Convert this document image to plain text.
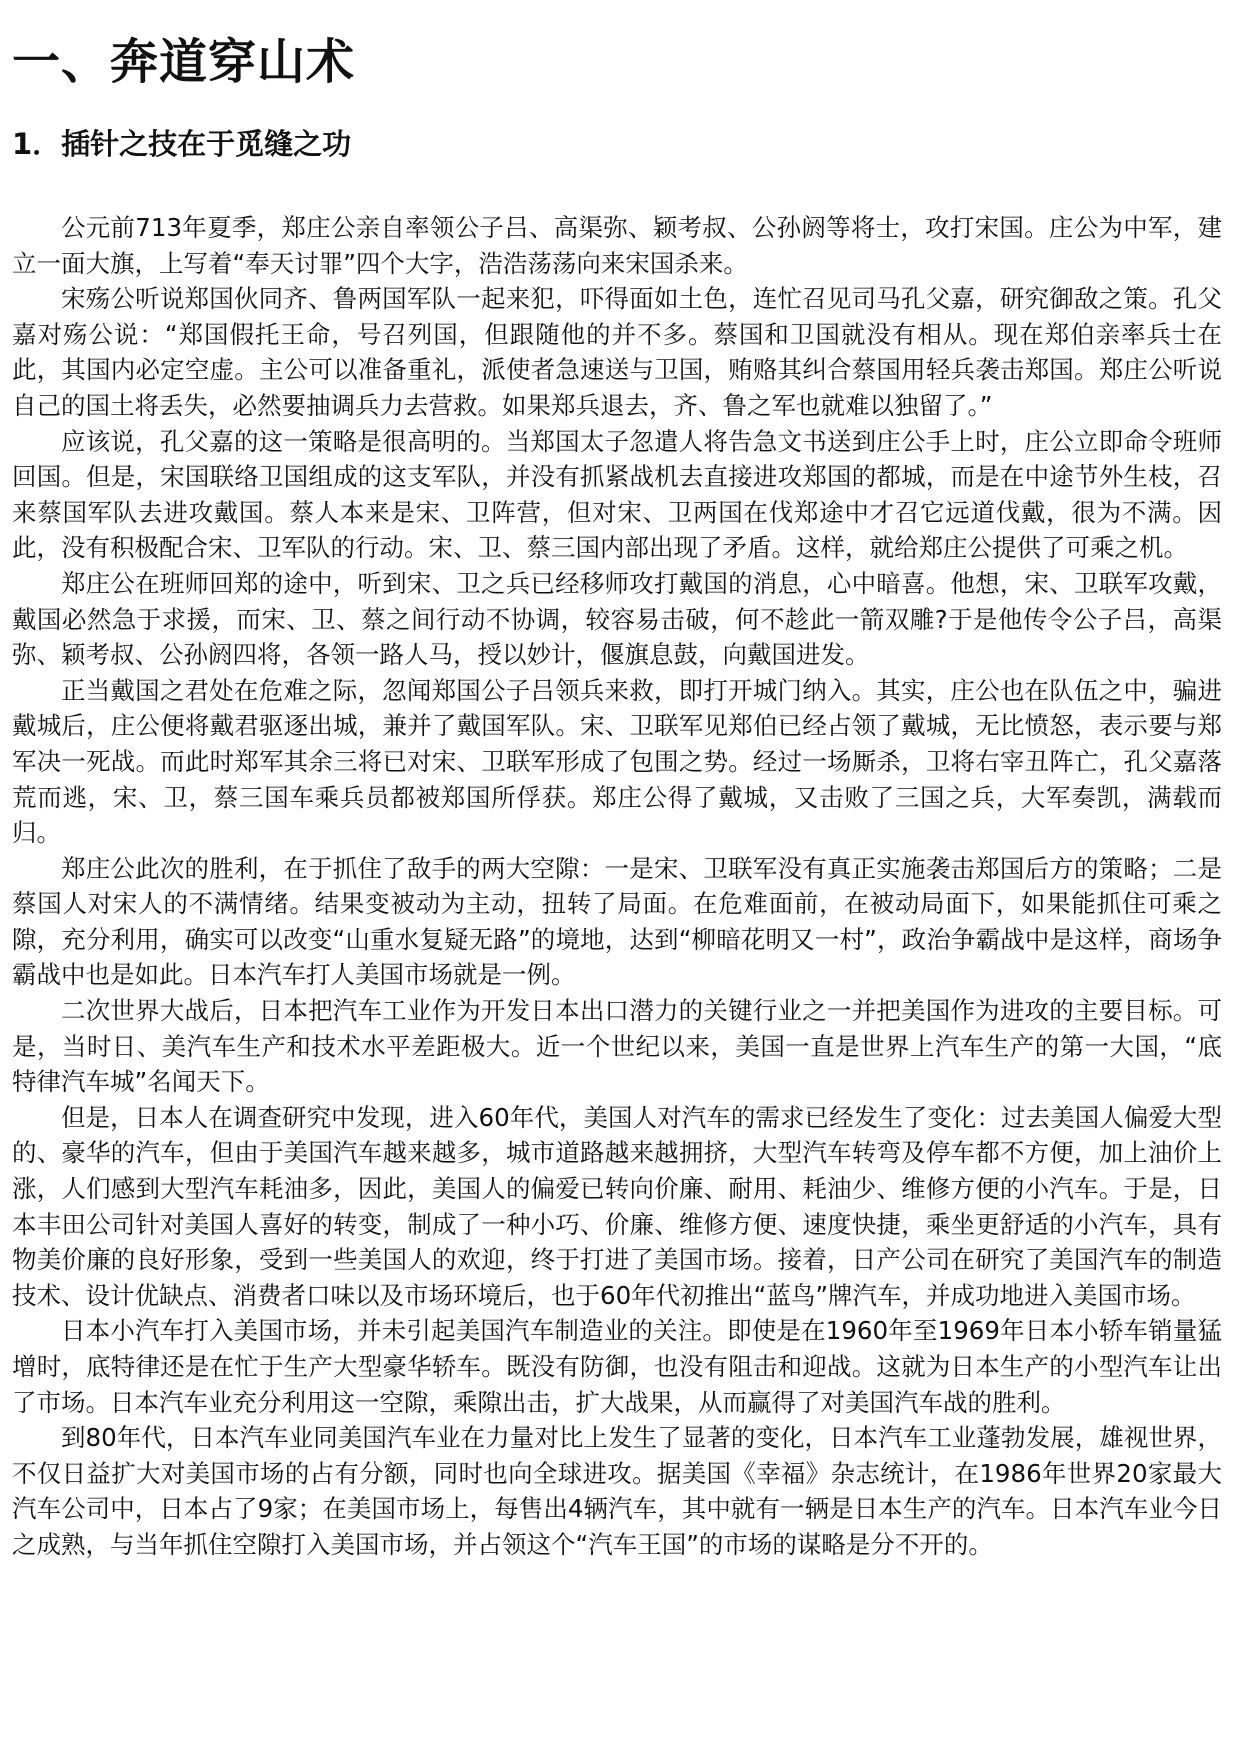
一、奔道穿山术
1．插针之技在于觅缝之功

公元前713年夏季，郑庄公亲自率领公子吕、高渠弥、颖考叔、公孙阏等将士，攻打宋国。庄公为中军，建立一面大旗，上写着“奉天讨罪”四个大字，浩浩荡荡向来宋国杀来。

宋殇公听说郑国伙同齐、鲁两国军队一起来犯，吓得面如土色，连忙召见司马孔父嘉，研究御敌之策。孔父嘉对殇公说：“郑国假托王命，号召列国，但跟随他的并不多。蔡国和卫国就没有相从。现在郑伯亲率兵士在此，其国内必定空虚。主公可以准备重礼，派使者急速送与卫国，贿赂其纠合蔡国用轻兵袭击郑国。郑庄公听说自己的国土将丢失，必然要抽调兵力去营救。如果郑兵退去，齐、鲁之军也就难以独留了。”

应该说，孔父嘉的这一策略是很高明的。当郑国太子忽遣人将告急文书送到庄公手上时，庄公立即命令班师回国。但是，宋国联络卫国组成的这支军队，并没有抓紧战机去直接进攻郑国的都城，而是在中途节外生枝，召来蔡国军队去进攻戴国。蔡人本来是宋、卫阵营，但对宋、卫两国在伐郑途中才召它远道伐戴，很为不满。因此，没有积极配合宋、卫军队的行动。宋、卫、蔡三国内部出现了矛盾。这样，就给郑庄公提供了可乘之机。

郑庄公在班师回郑的途中，听到宋、卫之兵已经移师攻打戴国的消息，心中暗喜。他想，宋、卫联军攻戴，戴国必然急于求援，而宋、卫、蔡之间行动不协调，较容易击破，何不趁此一箭双雕?于是他传令公子吕，高渠弥、颖考叔、公孙阏四将，各领一路人马，授以妙计，偃旗息鼓，向戴国进发。

正当戴国之君处在危难之际，忽闻郑国公子吕领兵来救，即打开城门纳入。其实，庄公也在队伍之中，骗进戴城后，庄公便将戴君驱逐出城，兼并了戴国军队。宋、卫联军见郑伯已经占领了戴城，无比愤怒，表示要与郑军决一死战。而此时郑军其余三将已对宋、卫联军形成了包围之势。经过一场厮杀，卫将右宰丑阵亡，孔父嘉落荒而逃，宋、卫，蔡三国车乘兵员都被郑国所俘获。郑庄公得了戴城，又击败了三国之兵，大军奏凯，满载而归。

郑庄公此次的胜利，在于抓住了敌手的两大空隙：一是宋、卫联军没有真正实施袭击郑国后方的策略；二是蔡国人对宋人的不满情绪。结果变被动为主动，扭转了局面。在危难面前，在被动局面下，如果能抓住可乘之隙，充分利用，确实可以改变“山重水复疑无路”的境地，达到“柳暗花明又一村”，政治争霸战中是这样，商场争霸战中也是如此。日本汽车打人美国市场就是一例。

二次世界大战后，日本把汽车工业作为开发日本出口潜力的关键行业之一并把美国作为进攻的主要目标。可是，当时日、美汽车生产和技术水平差距极大。近一个世纪以来，美国一直是世界上汽车生产的第一大国，“底特律汽车城”名闻天下。

但是，日本人在调查研究中发现，进入60年代，美国人对汽车的需求已经发生了变化：过去美国人偏爱大型的、豪华的汽车，但由于美国汽车越来越多，城市道路越来越拥挤，大型汽车转弯及停车都不方便，加上油价上涨，人们感到大型汽车耗油多，因此，美国人的偏爱已转向价廉、耐用、耗油少、维修方便的小汽车。于是，日本丰田公司针对美国人喜好的转变，制成了一种小巧、价廉、维修方便、速度快捷，乘坐更舒适的小汽车，具有物美价廉的良好形象，受到一些美国人的欢迎，终于打进了美国市场。接着，日产公司在研究了美国汽车的制造技术、设计优缺点、消费者口味以及市场环境后，也于60年代初推出“蓝鸟”牌汽车，并成功地进入美国市场。

日本小汽车打入美国市场，并未引起美国汽车制造业的关注。即使是在1960年至1969年日本小轿车销量猛增时，底特律还是在忙于生产大型豪华轿车。既没有防御，也没有阻击和迎战。这就为日本生产的小型汽车让出了市场。日本汽车业充分利用这一空隙，乘隙出击，扩大战果，从而赢得了对美国汽车战的胜利。

到80年代，日本汽车业同美国汽车业在力量对比上发生了显著的变化，日本汽车工业蓬勃发展，雄视世界，不仅日益扩大对美国市场的占有分额，同时也向全球进攻。据美国《幸福》杂志统计，在1986年世界20家最大汽车公司中，日本占了9家；在美国市场上，每售出4辆汽车，其中就有一辆是日本生产的汽车。日本汽车业今日之成熟，与当年抓住空隙打入美国市场，并占领这个“汽车王国”的市场的谋略是分不开的。
